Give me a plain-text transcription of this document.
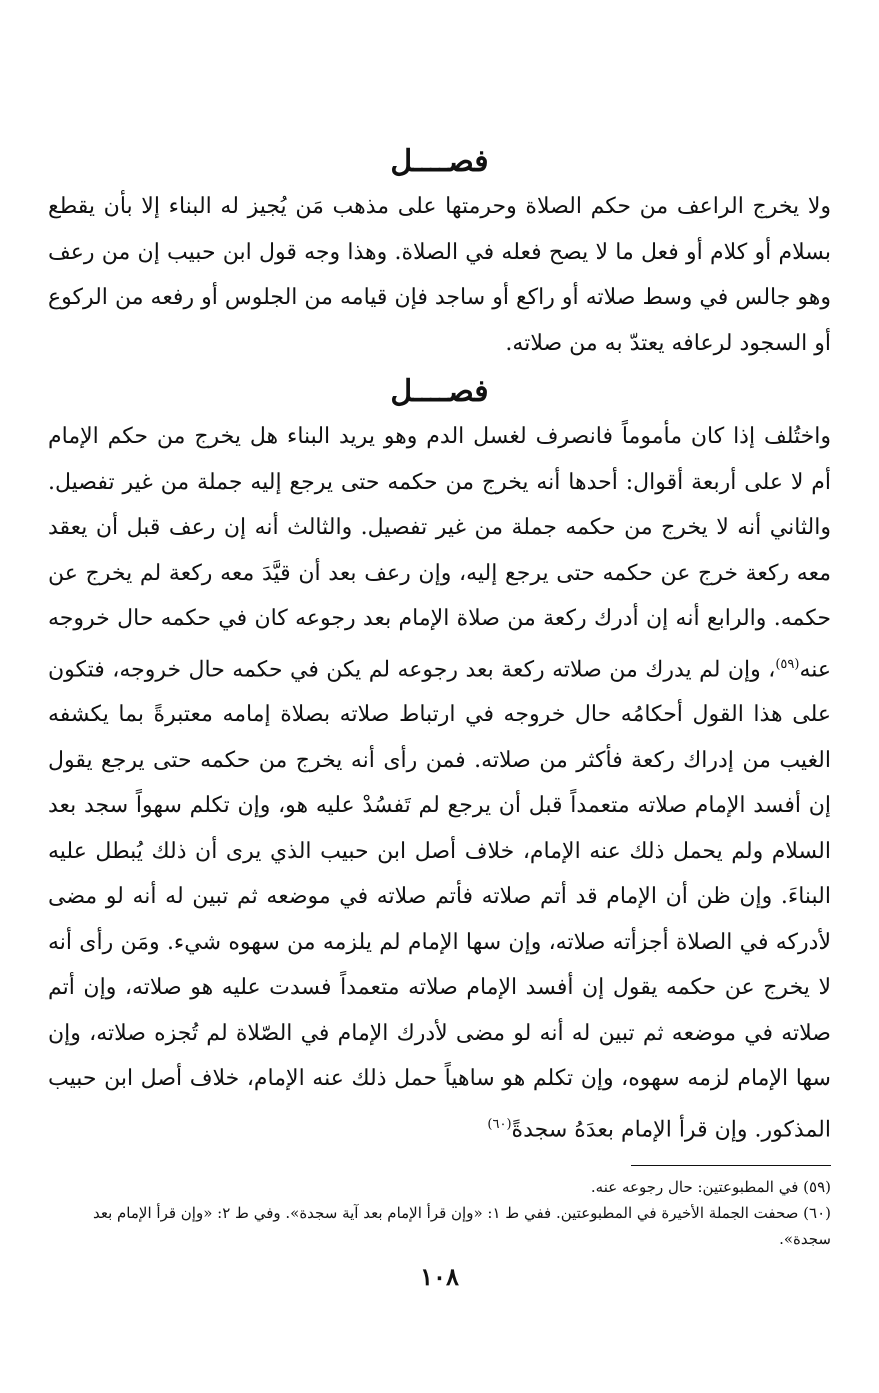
فصــــل

ولا يخرج الراعف من حكم الصلاة وحرمتها على مذهب مَن يُجيز له البناء إلا بأن يقطع بسلام أو كلام أو فعل ما لا يصح فعله في الصلاة. وهذا وجه قول ابن حبيب إن من رعف وهو جالس في وسط صلاته أو راكع أو ساجد فإن قيامه من الجلوس أو رفعه من الركوع أو السجود لرعافه يعتدّ به من صلاته.

فصــــل

واختُلف إذا كان مأموماً فانصرف لغسل الدم وهو يريد البناء هل يخرج من حكم الإمام أم لا على أربعة أقوال: أحدها أنه يخرج من حكمه حتى يرجع إليه جملة من غير تفصيل. والثاني أنه لا يخرج من حكمه جملة من غير تفصيل. والثالث أنه إن رعف قبل أن يعقد معه ركعة خرج عن حكمه حتى يرجع إليه، وإن رعف بعد أن قيَّدَ معه ركعة لم يخرج عن حكمه. والرابع أنه إن أدرك ركعة من صلاة الإمام بعد رجوعه كان في حكمه حال خروجه عنه$^{(٥٩)}$، وإن لم يدرك من صلاته ركعة بعد رجوعه لم يكن في حكمه حال خروجه، فتكون على هذا القول أحكامُه حال خروجه في ارتباط صلاته بصلاة إمامه معتبرةً بما يكشفه الغيب من إدراك ركعة فأكثر من صلاته. فمن رأى أنه يخرج من حكمه حتى يرجع يقول إن أفسد الإمام صلاته متعمداً قبل أن يرجع لم تَفسُدْ عليه هو، وإن تكلم سهواً سجد بعد السلام ولم يحمل ذلك عنه الإمام، خلاف أصل ابن حبيب الذي يرى أن ذلك يُبطل عليه البناءَ. وإن ظن أن الإمام قد أتم صلاته فأتم صلاته في موضعه ثم تبين له أنه لو مضى لأدركه في الصلاة أجزأته صلاته، وإن سها الإمام لم يلزمه من سهوه شيء. ومَن رأى أنه لا يخرج عن حكمه يقول إن أفسد الإمام صلاته متعمداً فسدت عليه هو صلاته، وإن أتم صلاته في موضعه ثم تبين له أنه لو مضى لأدرك الإمام في الصّلاة لم تُجزه صلاته، وإن سها الإمام لزمه سهوه، وإن تكلم هو ساهياً حمل ذلك عنه الإمام، خلاف أصل ابن حبيب المذكور. وإن قرأ الإمام بعدَهُ سجدةً$^{(٦٠)}$

(٥٩) في المطبوعتين: حال رجوعه عنه.

(٦٠) صحفت الجملة الأخيرة في المطبوعتين. ففي ط ١: «وإن قرأ الإمام بعد آية سجدة». وفي ط ٢: «وإن قرأ الإمام بعد سجدة».

١٠٨
